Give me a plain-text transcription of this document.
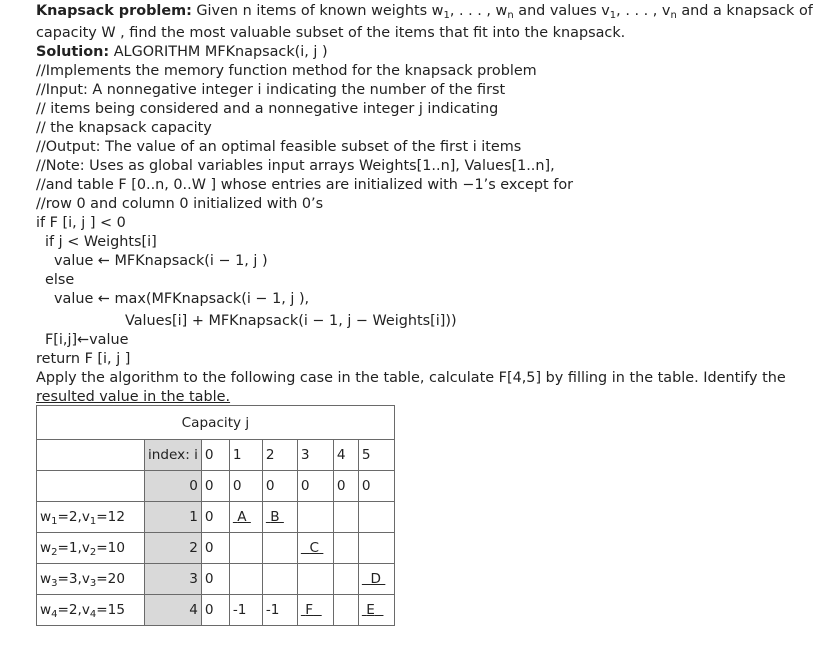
Knapsack problem: Given n items of known weights $w_1$, . . . , $w_n$ and values $v_1$, . . . , $v_n$ and a knapsack of
capacity W , find the most valuable subset of the items that fit into the knapsack.
Solution: ALGORITHM MFKnapsack(i, j )
//Implements the memory function method for the knapsack problem
//Input: A nonnegative integer i indicating the number of the first
// items being considered and a nonnegative integer j indicating
// the knapsack capacity
//Output: The value of an optimal feasible subset of the first i items
//Note: Uses as global variables input arrays Weights[1..n], Values[1..n],
//and table F [0..n, 0..W ] whose entries are initialized with −1’s except for
//row 0 and column 0 initialized with 0’s
if F [i, j ] < 0
if j < Weights[i]
value ← MFKnapsack(i − 1, j )
else
value ← max(MFKnapsack(i − 1, j ),
Values[i] + MFKnapsack(i − 1, j − Weights[i]))
F[i,j]←value
return F [i, j ]
Apply the algorithm to the following case in the table, calculate F[4,5] by filling in the table. Identify the
resulted value in the table.
Capacity j							
	index: i	0	1	2	3	4	5
	0	0	0	0	0	0	0
$w_1=2,v_1=12$	1	0	A	B			
$w_2=1,v_2=10$	2	0			C		
$w_3=3,v_3=20$	3	0					D
$w_4=2,v_4=15$	4	0	-1	-1	F		E
